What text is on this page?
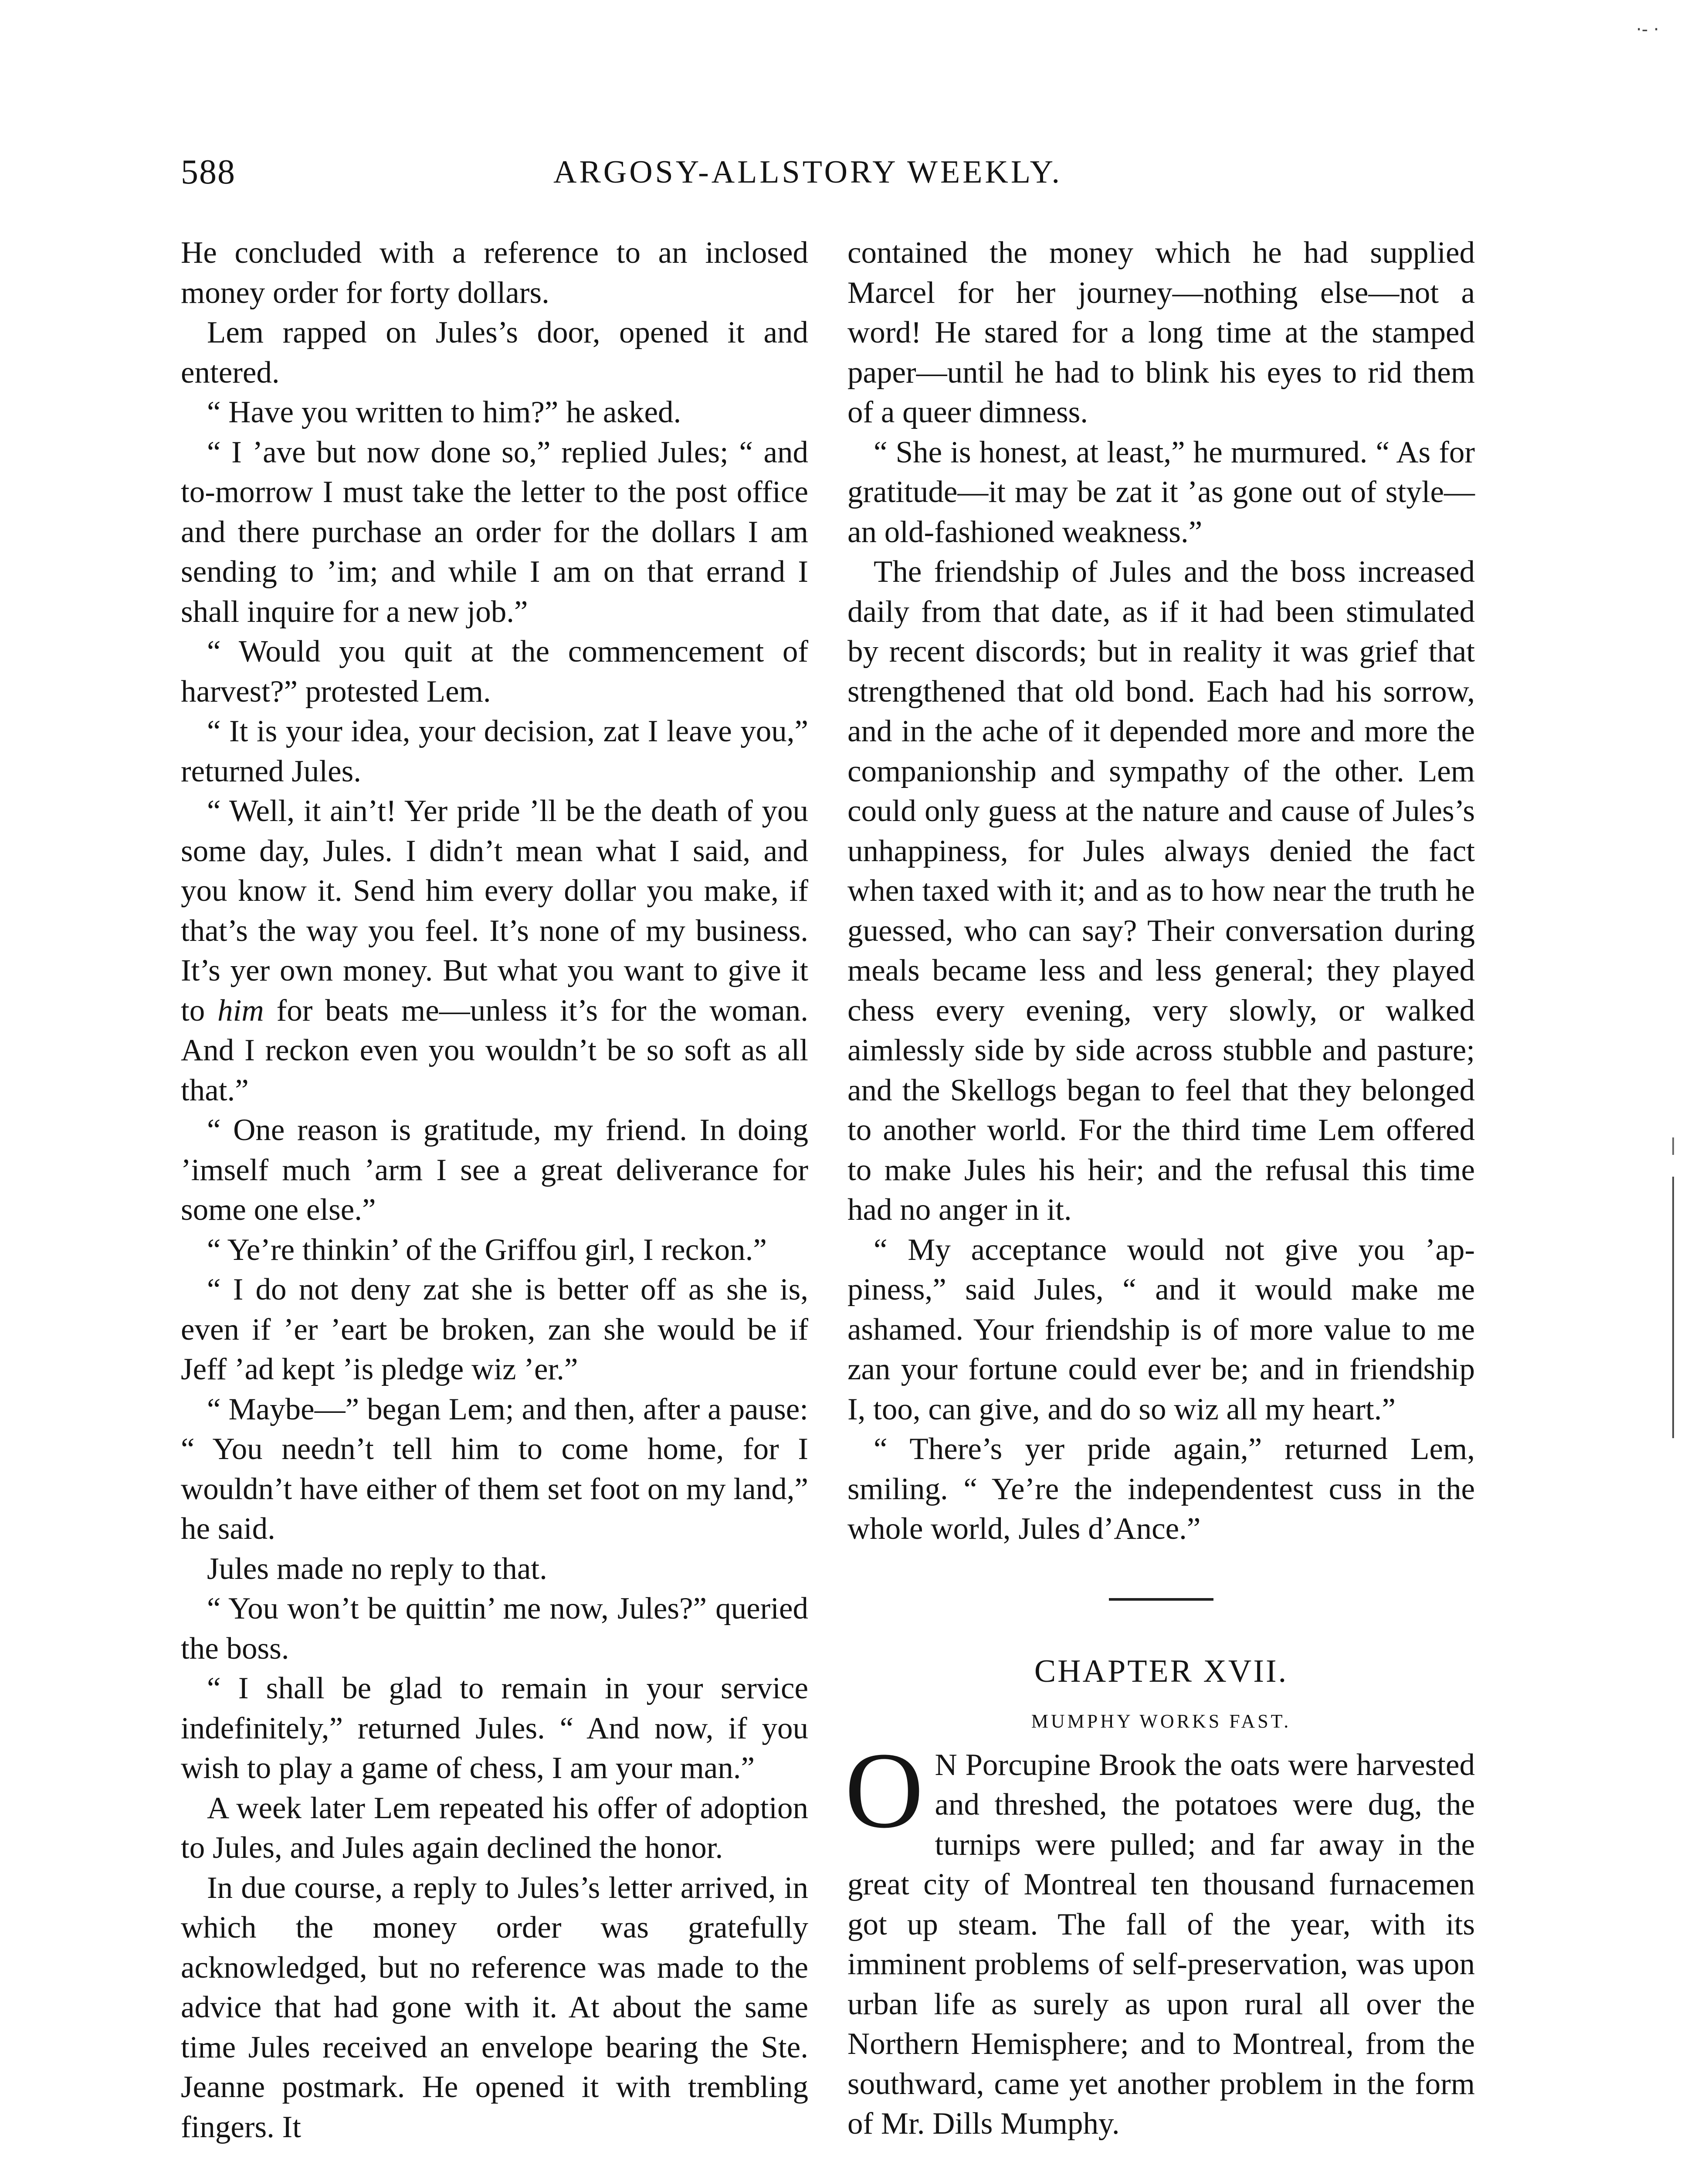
·- ·
588	ARGOSY-ALLSTORY WEEKLY.

He concluded with a reference to an inclosed money order for forty dollars.

Lem rapped on Jules’s door, opened it and entered.

“ Have you written to him?” he asked.

“ I ’ave but now done so,” replied Jules; “ and to-morrow I must take the letter to the post office and there purchase an order for the dollars I am sending to ’im; and while I am on that errand I shall inquire for a new job.”

“ Would you quit at the commencement of harvest?” protested Lem.

“ It is your idea, your decision, zat I leave you,” returned Jules.

“ Well, it ain’t! Yer pride ’ll be the death of you some day, Jules. I didn’t mean what I said, and you know it. Send him every dollar you make, if that’s the way you feel. It’s none of my business. It’s yer own money. But what you want to give it to him for beats me—unless it’s for the woman. And I reckon even you wouldn’t be so soft as all that.”

“ One reason is gratitude, my friend. In doing ’imself much ’arm I see a great deliverance for some one else.”

“ Ye’re thinkin’ of the Griffou girl, I reckon.”

“ I do not deny zat she is better off as she is, even if ’er ’eart be broken, zan she would be if Jeff ’ad kept ’is pledge wiz ’er.”

“ Maybe—” began Lem; and then, after a pause: “ You needn’t tell him to come home, for I wouldn’t have either of them set foot on my land,” he said.

Jules made no reply to that.

“ You won’t be quittin’ me now, Jules?” queried the boss.

“ I shall be glad to remain in your service indefinitely,” returned Jules. “ And now, if you wish to play a game of chess, I am your man.”

A week later Lem repeated his offer of adoption to Jules, and Jules again declined the honor.

In due course, a reply to Jules’s letter arrived, in which the money order was gratefully acknowledged, but no reference was made to the advice that had gone with it. At about the same time Jules received an envelope bearing the Ste. Jeanne postmark. He opened it with trembling fingers. It

contained the money which he had supplied Marcel for her journey—nothing else—not a word! He stared for a long time at the stamped paper—until he had to blink his eyes to rid them of a queer dimness.

“ She is honest, at least,” he murmured. “ As for gratitude—it may be zat it ’as gone out of style—an old-fashioned weakness.”

The friendship of Jules and the boss increased daily from that date, as if it had been stimulated by recent discords; but in reality it was grief that strengthened that old bond. Each had his sorrow, and in the ache of it depended more and more the companionship and sympathy of the other. Lem could only guess at the nature and cause of Jules’s unhappiness, for Jules always denied the fact when taxed with it; and as to how near the truth he guessed, who can say? Their conversation during meals became less and less general; they played chess every evening, very slowly, or walked aimlessly side by side across stubble and pasture; and the Skellogs began to feel that they belonged to another world. For the third time Lem offered to make Jules his heir; and the refusal this time had no anger in it.

“ My acceptance would not give you ’appiness,” said Jules, “ and it would make me ashamed. Your friendship is of more value to me zan your fortune could ever be; and in friendship I, too, can give, and do so wiz all my heart.”

“ There’s yer pride again,” returned Lem, smiling. “ Ye’re the independentest cuss in the whole world, Jules d’Ance.”

CHAPTER XVII.
MUMPHY WORKS FAST.

O N Porcupine Brook the oats were harvested and threshed, the potatoes were dug, the turnips were pulled; and far away in the great city of Montreal ten thousand furnacemen got up steam. The fall of the year, with its imminent problems of self-preservation, was upon urban life as surely as upon rural all over the Northern Hemisphere; and to Montreal, from the southward, came yet another problem in the form of Mr. Dills Mumphy.
